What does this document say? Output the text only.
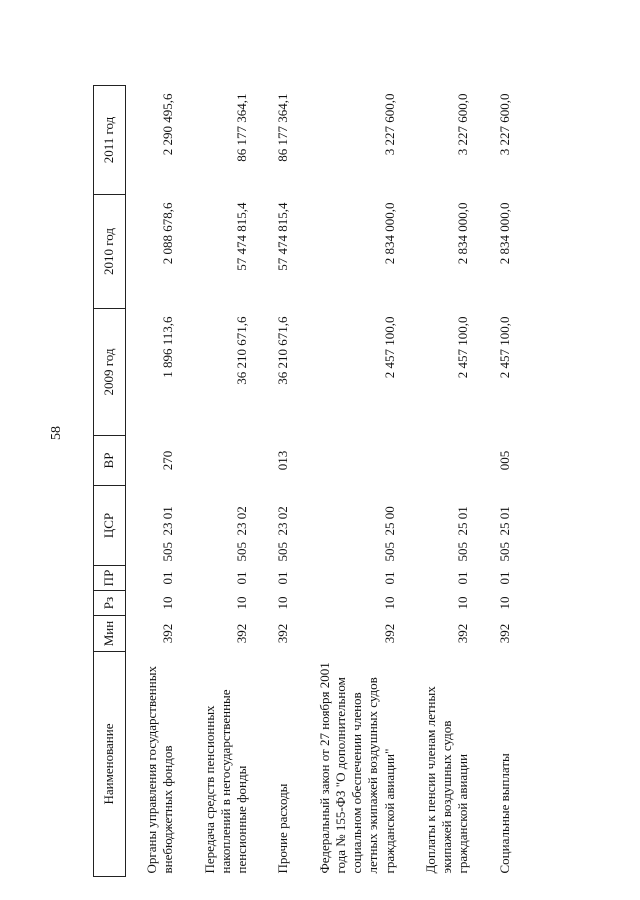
58
Наименование	Мин	Рз	ПР	ЦСР	ВР	2009 год	2010 год	2011 год
Органы управления государственных внебюджетных фондов	392	10	01	505  23 01	270	1 896 113,6	2 088 678,6	2 290 495,6
Передача средств пенсионных накоплений в негосударственные пенсионные фонды	392	10	01	505  23 02		36 210 671,6	57 474 815,4	86 177 364,1
Прочие расходы	392	10	01	505  23 02	013	36 210 671,6	57 474 815,4	86 177 364,1
Федеральный закон от 27 ноября 2001 года № 155-ФЗ "О дополнительном социальном обеспечении членов летных экипажей воздушных судов гражданской авиации"	392	10	01	505  25 00		2 457 100,0	2 834 000,0	3 227 600,0
Доплаты к пенсии членам летных экипажей воздушных судов гражданской авиации	392	10	01	505  25 01		2 457 100,0	2 834 000,0	3 227 600,0
Социальные выплаты	392	10	01	505  25 01	005	2 457 100,0	2 834 000,0	3 227 600,0
